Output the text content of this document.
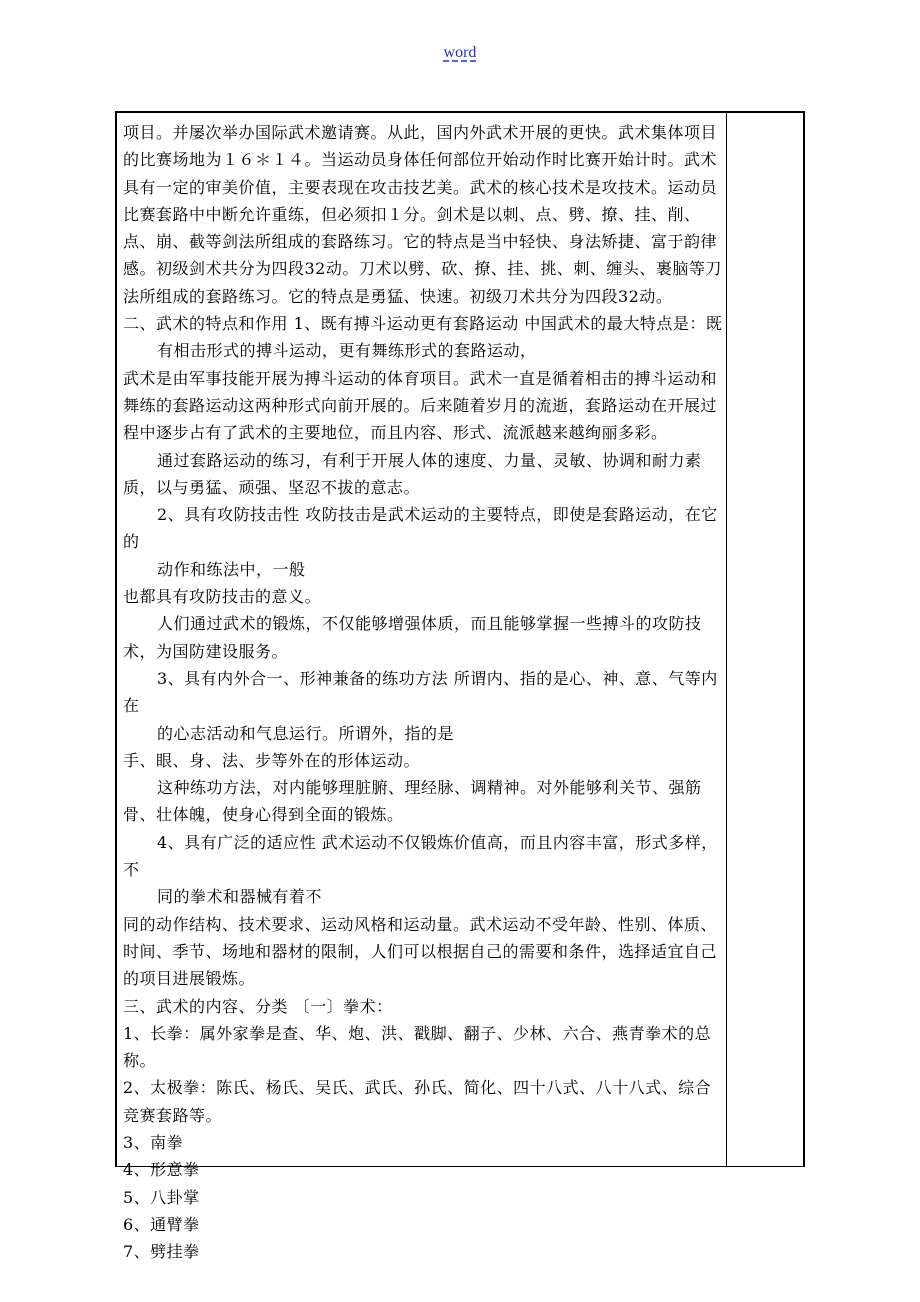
word

项目。并屡次举办国际武术邀请赛。从此，国内外武术开展的更快。武术集体项目的比赛场地为１６＊１４。当运动员身体任何部位开始动作时比赛开始计时。武术具有一定的审美价值，主要表现在攻击技艺美。武术的核心技术是攻技术。运动员比赛套路中中断允许重练，但必须扣１分。剑术是以刺、点、劈、撩、挂、削、点、崩、截等剑法所组成的套路练习。它的特点是当中轻快、身法矫捷、富于韵律感。初级剑术共分为四段32动。刀术以劈、砍、撩、挂、挑、刺、缠头、裹脑等刀法所组成的套路练习。它的特点是勇猛、快速。初级刀术共分为四段32动。

二、武术的特点和作用 1、既有搏斗运动更有套路运动 中国武术的最大特点是：既

有相击形式的搏斗运动，更有舞练形式的套路运动，

武术是由军事技能开展为搏斗运动的体育项目。武术一直是循着相击的搏斗运动和舞练的套路运动这两种形式向前开展的。后来随着岁月的流逝，套路运动在开展过程中逐步占有了武术的主要地位，而且内容、形式、流派越来越绚丽多彩。

通过套路运动的练习，有利于开展人体的速度、力量、灵敏、协调和耐力素质，以与勇猛、顽强、坚忍不拔的意志。

2、具有攻防技击性 攻防技击是武术运动的主要特点，即使是套路运动，在它的

动作和练法中，一般

也都具有攻防技击的意义。

人们通过武术的锻炼，不仅能够增强体质，而且能够掌握一些搏斗的攻防技术，为国防建设服务。

3、具有内外合一、形神兼备的练功方法 所谓内、指的是心、神、意、气等内在

的心志活动和气息运行。所谓外，指的是

手、眼、身、法、步等外在的形体运动。

这种练功方法，对内能够理脏腑、理经脉、调精神。对外能够利关节、强筋骨、壮体魄，使身心得到全面的锻炼。

4、具有广泛的适应性 武术运动不仅锻炼价值高，而且内容丰富，形式多样，不

同的拳术和器械有着不

同的动作结构、技术要求、运动风格和运动量。武术运动不受年龄、性别、体质、时间、季节、场地和器材的限制，人们可以根据自己的需要和条件，选择适宜自己的项目进展锻炼。

三、武术的内容、分类 〔一〕拳术：

1、长拳：属外家拳是查、华、炮、洪、戳脚、翻子、少林、六合、燕青拳术的总称。

2、太极拳：陈氏、杨氏、吴氏、武氏、孙氏、简化、四十八式、八十八式、综合竞赛套路等。

3、南拳

4、形意拳

5、八卦掌

6、通臂拳

7、劈挂拳
